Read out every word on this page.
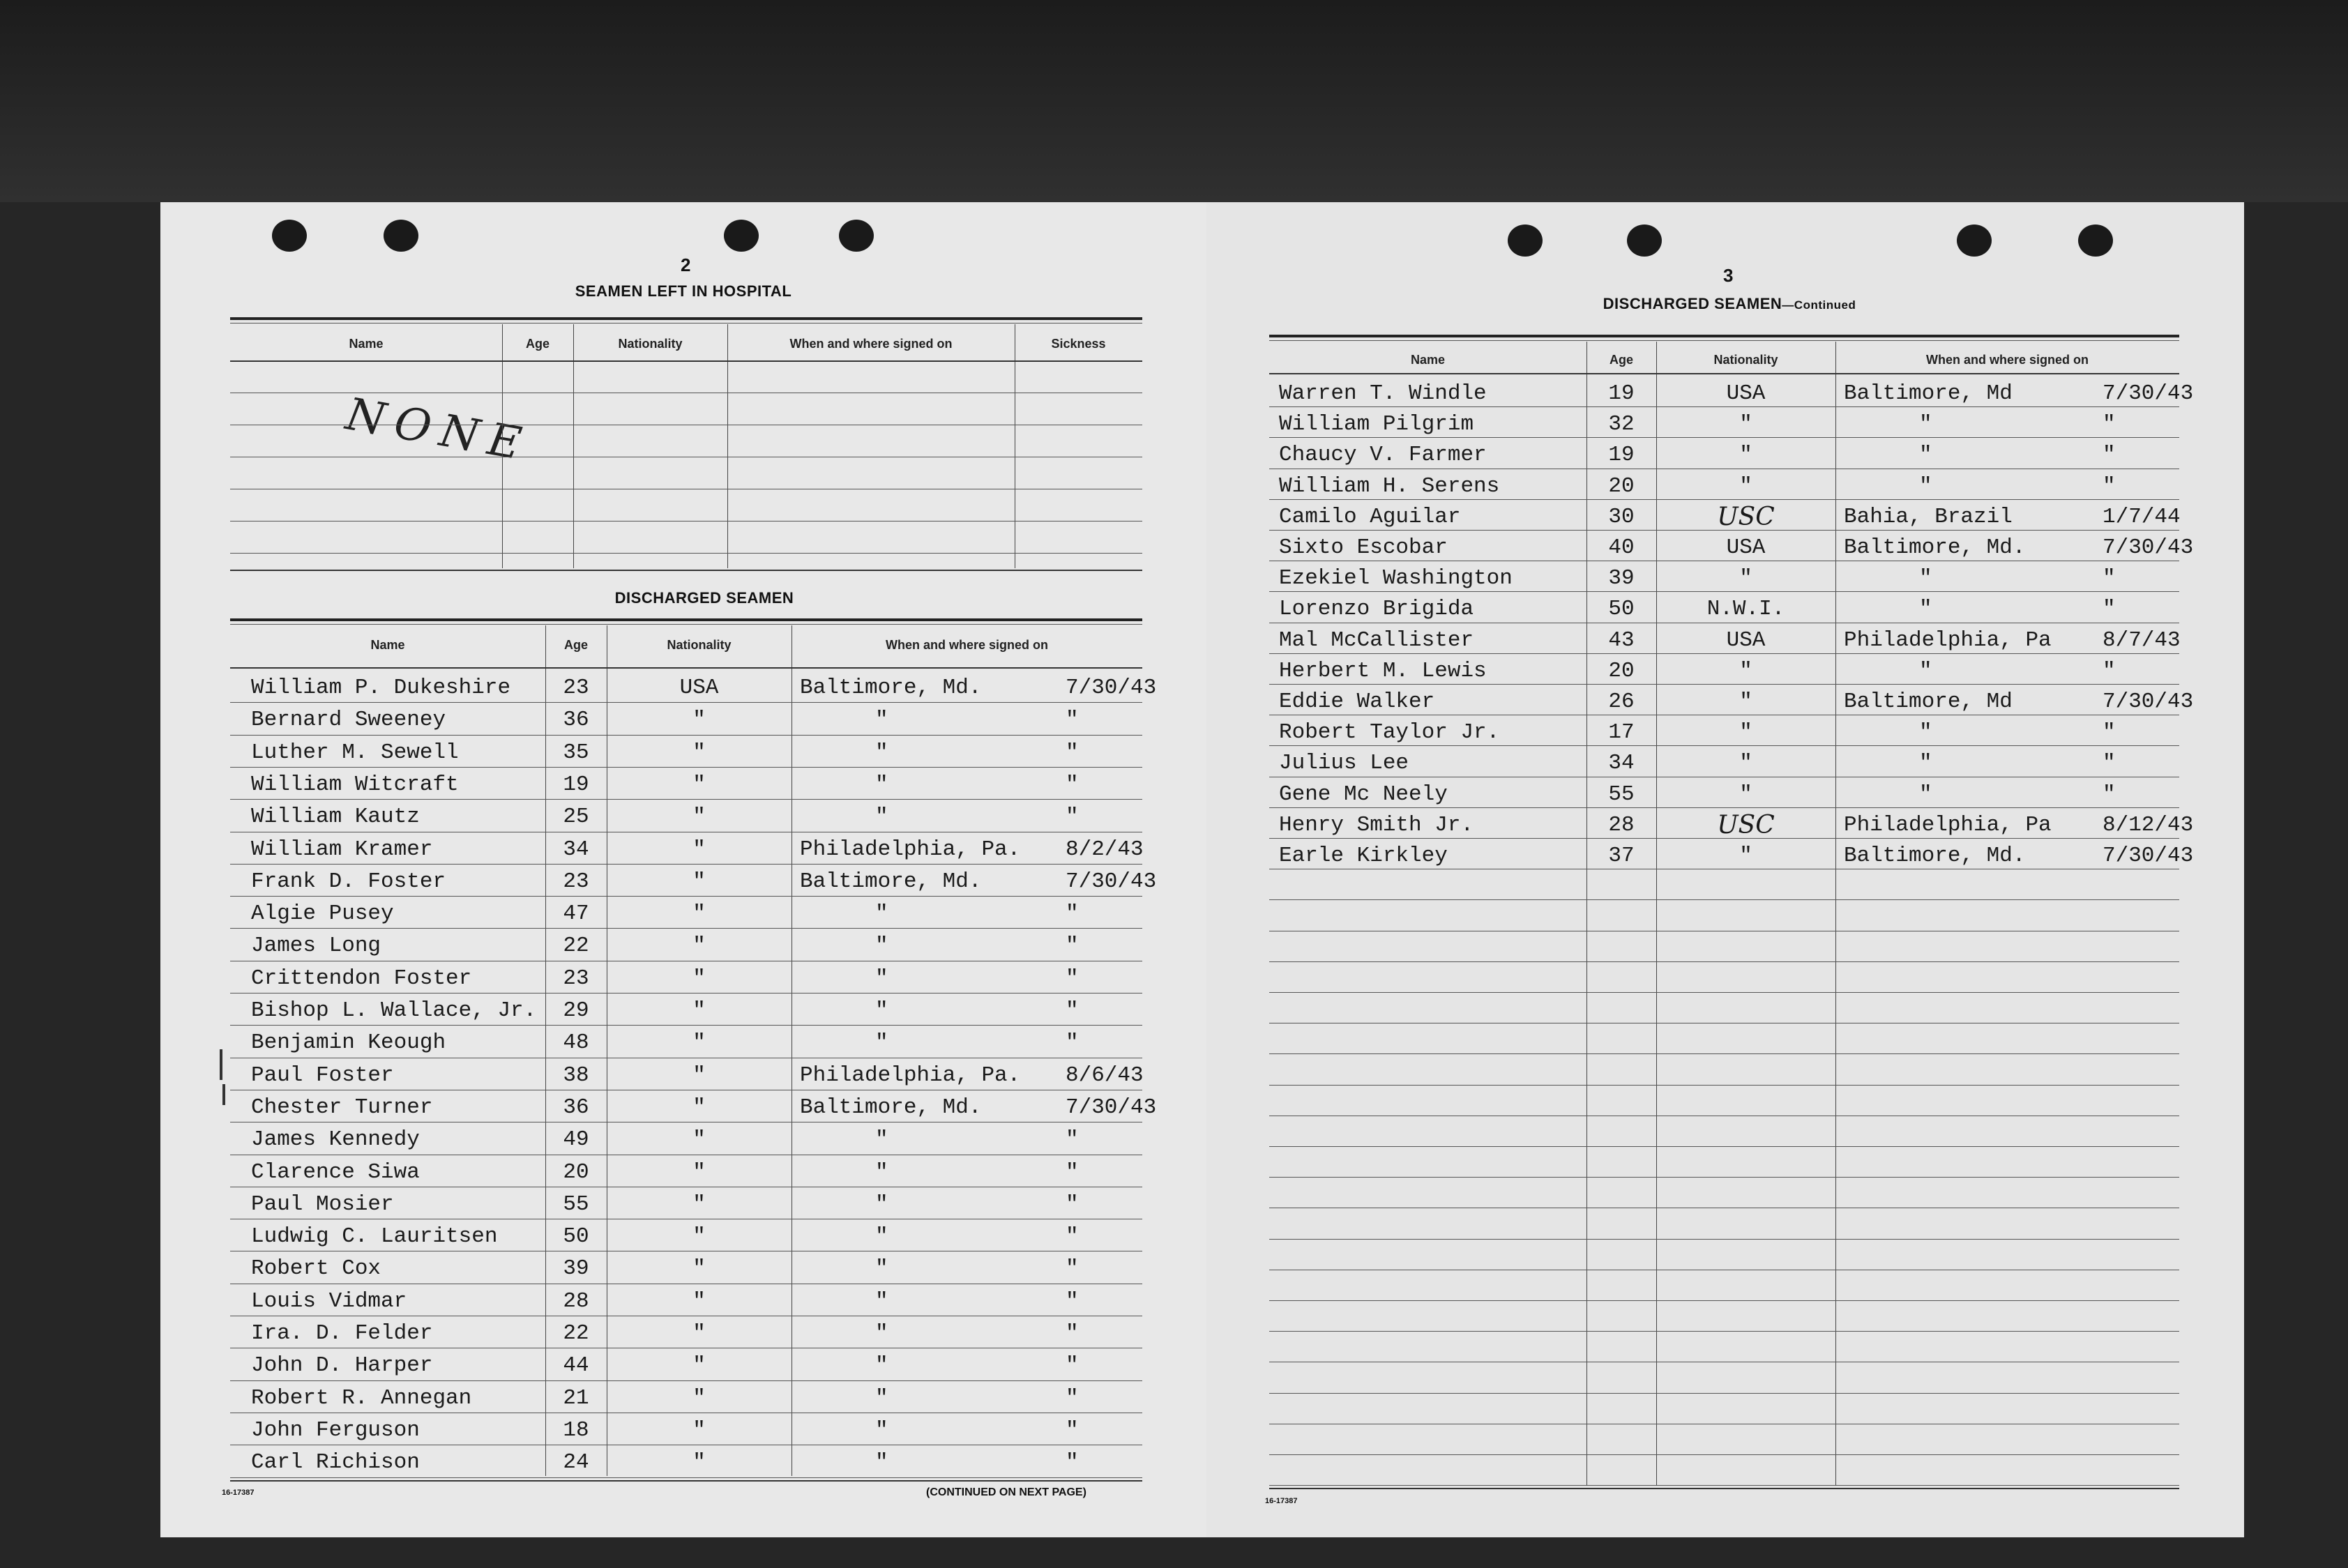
2
SEAMEN LEFT IN HOSPITAL
NONE
DISCHARGED SEAMEN
16-17387	(CONTINUED ON NEXT PAGE)
Name	Age	Nationality	When and where signed on	Sickness
Name	Age	Nationality	When and where signed on
William P. Dukeshire	23	USA	Baltimore, Md.	7/30/43
Bernard Sweeney	36	"	"	"
Luther M. Sewell	35	"	"	"
William Witcraft	19	"	"	"
William Kautz	25	"	"	"
William Kramer	34	"	Philadelphia, Pa. 8/2/43
Frank D. Foster	23	"	Baltimore, Md.	7/30/43
Algie Pusey	47	"	"	"
James Long	22	"	"	"
Crittendon Foster	23	"	"	"
Bishop L. Wallace, Jr.	29	"	"	"
Benjamin Keough	48	"	"	"
Paul Foster	38	"	Philadelphia, Pa. 8/6/43
Chester Turner	36	"	Baltimore, Md.	7/30/43
James Kennedy	49	"	"	"
Clarence Siwa	20	"	"	"
Paul Mosier	55	"	"	"
Ludwig C. Lauritsen	50	"	"	"
Robert Cox	39	"	"	"
Louis Vidmar	28	"	"	"
Ira. D. Felder	22	"	"	"
John D. Harper	44	"	"	"
Robert R. Annegan	21	"	"	"
John Ferguson	18	"	"	"
Carl Richison	24	"	"	"
3
DISCHARGED SEAMEN—Continued
16-17387
Name	Age	Nationality	When and where signed on
Warren T. Windle	19	USA	Baltimore, Md	7/30/43
William Pilgrim	32	"	"	"
Chaucy V. Farmer	19	"	"	"
William H. Serens	20	"	"	"
Camilo Aguilar	30	USC	Bahia, Brazil	1/7/44
Sixto Escobar	40	USA	Baltimore, Md.	7/30/43
Ezekiel Washington	39	"	"	"
Lorenzo Brigida	50	N.W.I.	"	"
Mal McCallister	43	USA	Philadelphia, Pa 8/7/43
Herbert M. Lewis	20	"	"	"
Eddie Walker	26	"	Baltimore, Md	7/30/43
Robert Taylor Jr.	17	"	"	"
Julius Lee	34	"	"	"
Gene Mc Neely	55	"	"	"
Henry Smith Jr.	28	USC	Philadelphia, Pa 8/12/43
Earle Kirkley	37	"	Baltimore, Md.	7/30/43
